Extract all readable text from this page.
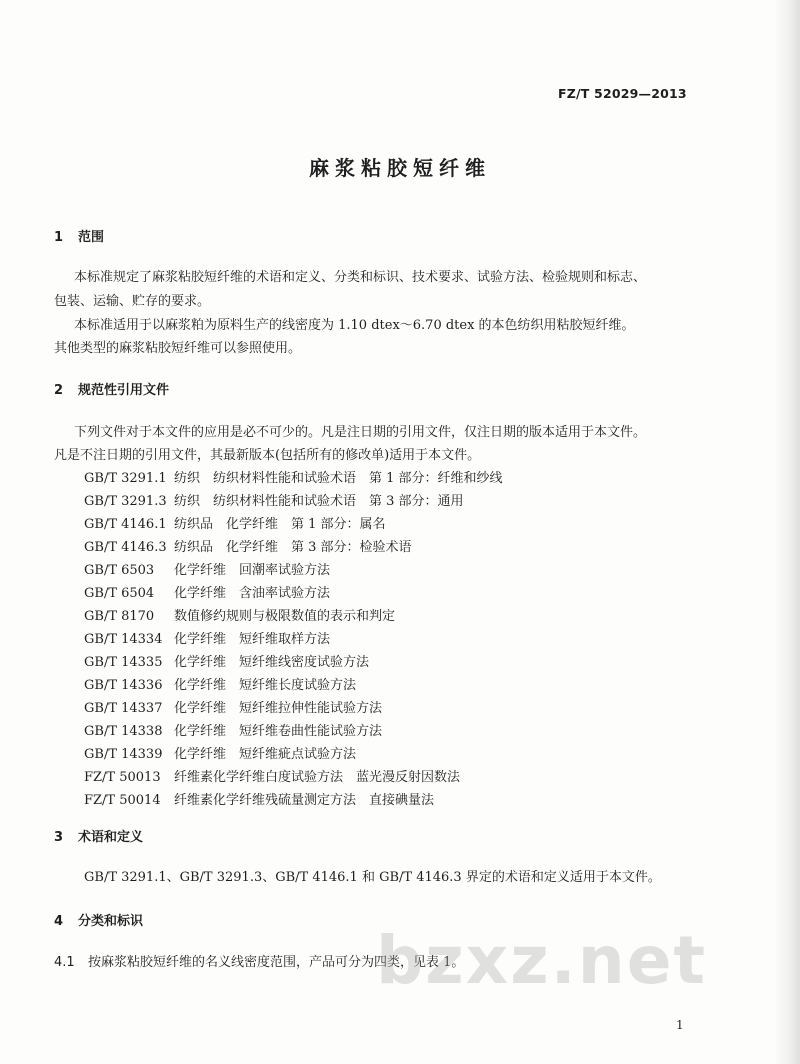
FZ/T 52029—2013
麻浆粘胶短纤维
1 范围
本标准规定了麻浆粘胶短纤维的术语和定义、分类和标识、技术要求、试验方法、检验规则和标志、
包装、运输、贮存的要求。
本标准适用于以麻浆粕为原料生产的线密度为 1.10 dtex～6.70 dtex 的本色纺织用粘胶短纤维。
其他类型的麻浆粘胶短纤维可以参照使用。
2 规范性引用文件
下列文件对于本文件的应用是必不可少的。凡是注日期的引用文件，仅注日期的版本适用于本文件。
凡是不注日期的引用文件，其最新版本(包括所有的修改单)适用于本文件。
GB/T 3291.1 纺织　纺织材料性能和试验术语　第 1 部分：纤维和纱线
GB/T 3291.3 纺织　纺织材料性能和试验术语　第 3 部分：通用
GB/T 4146.1 纺织品　化学纤维　第 1 部分：属名
GB/T 4146.3 纺织品　化学纤维　第 3 部分：检验术语
GB/T 6503 化学纤维　回潮率试验方法
GB/T 6504 化学纤维　含油率试验方法
GB/T 8170 数值修约规则与极限数值的表示和判定
GB/T 14334 化学纤维　短纤维取样方法
GB/T 14335 化学纤维　短纤维线密度试验方法
GB/T 14336 化学纤维　短纤维长度试验方法
GB/T 14337 化学纤维　短纤维拉伸性能试验方法
GB/T 14338 化学纤维　短纤维卷曲性能试验方法
GB/T 14339 化学纤维　短纤维疵点试验方法
FZ/T 50013 纤维素化学纤维白度试验方法　蓝光漫反射因数法
FZ/T 50014 纤维素化学纤维残硫量测定方法　直接碘量法
3 术语和定义
GB/T 3291.1、GB/T 3291.3、GB/T 4146.1 和 GB/T 4146.3 界定的术语和定义适用于本文件。
4 分类和标识
4.1 按麻浆粘胶短纤维的名义线密度范围，产品可分为四类，见表 1。
bzxz.net
1
